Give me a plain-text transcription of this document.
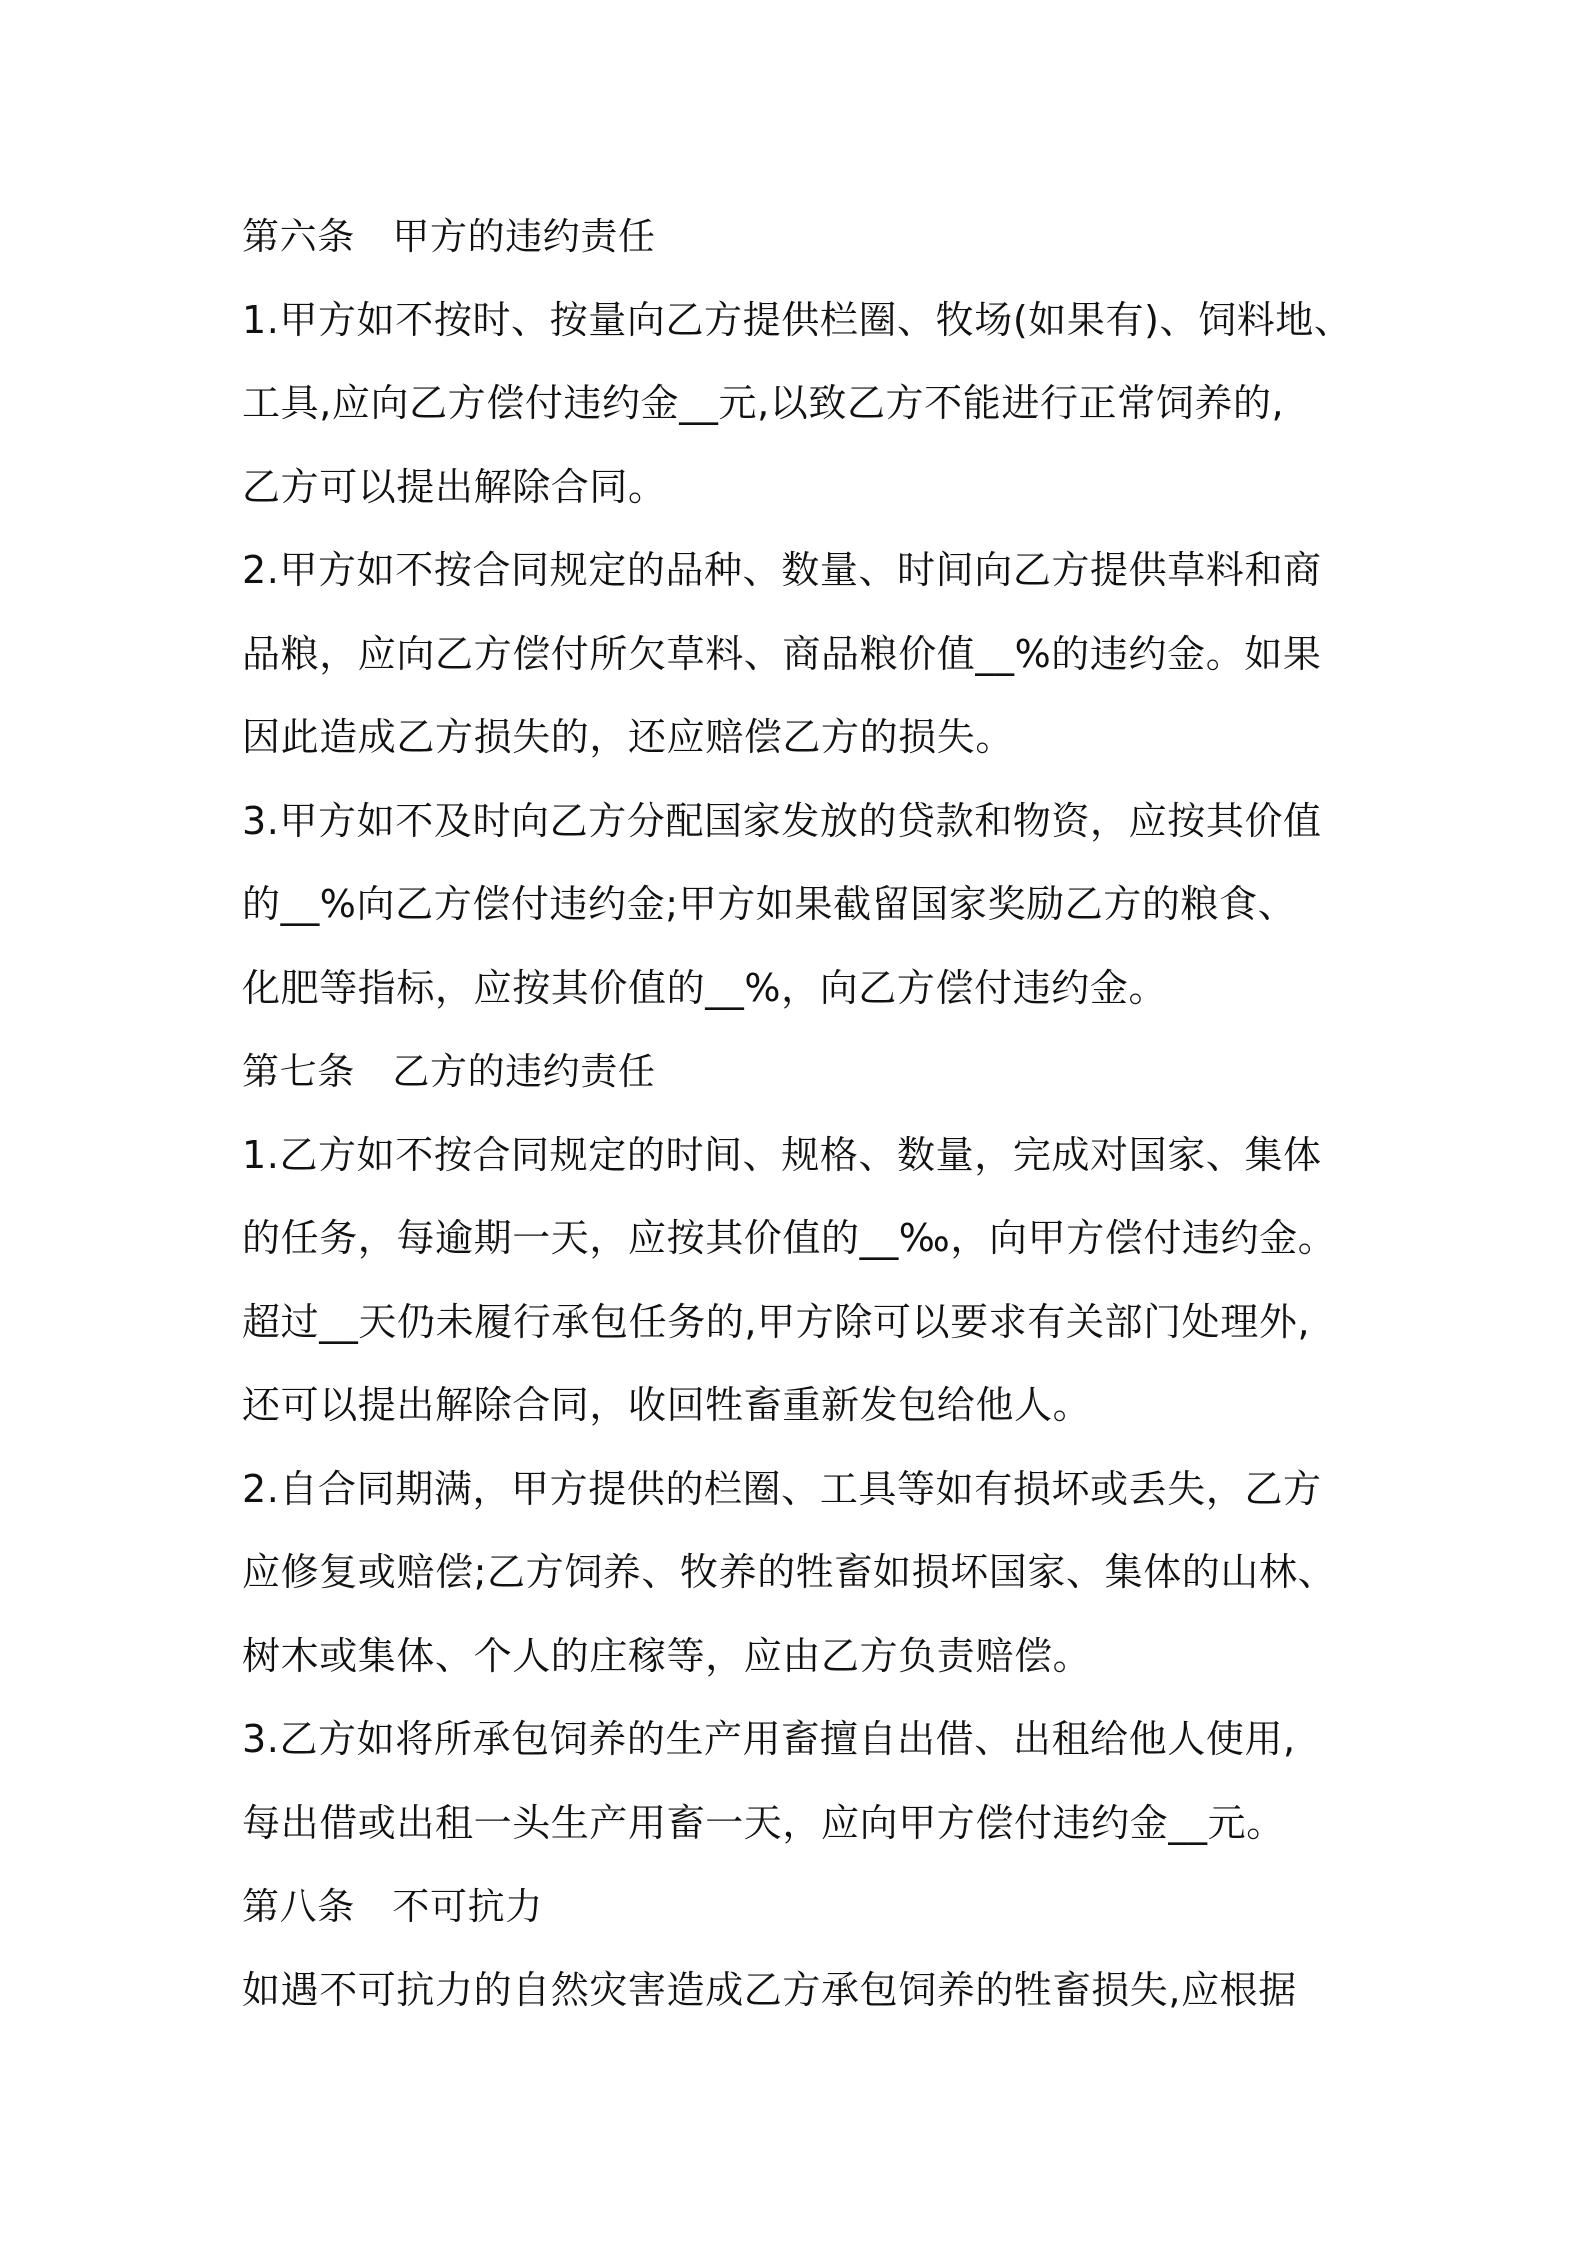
第六条　甲方的违约责任
1.甲方如不按时、按量向乙方提供栏圈、牧场(如果有)、饲料地、
工具,应向乙方偿付违约金__元,以致乙方不能进行正常饲养的,
乙方可以提出解除合同。
2.甲方如不按合同规定的品种、数量、时间向乙方提供草料和商
品粮，应向乙方偿付所欠草料、商品粮价值__%的违约金。如果
因此造成乙方损失的，还应赔偿乙方的损失。
3.甲方如不及时向乙方分配国家发放的贷款和物资，应按其价值
的__%向乙方偿付违约金;甲方如果截留国家奖励乙方的粮食、
化肥等指标，应按其价值的__%，向乙方偿付违约金。
第七条　乙方的违约责任
1.乙方如不按合同规定的时间、规格、数量，完成对国家、集体
的任务，每逾期一天，应按其价值的__‰，向甲方偿付违约金。
超过__天仍未履行承包任务的,甲方除可以要求有关部门处理外,
还可以提出解除合同，收回牲畜重新发包给他人。
2.自合同期满，甲方提供的栏圈、工具等如有损坏或丢失，乙方
应修复或赔偿;乙方饲养、牧养的牲畜如损坏国家、集体的山林、
树木或集体、个人的庄稼等，应由乙方负责赔偿。
3.乙方如将所承包饲养的生产用畜擅自出借、出租给他人使用,
每出借或出租一头生产用畜一天，应向甲方偿付违约金__元。
第八条　不可抗力
如遇不可抗力的自然灾害造成乙方承包饲养的牲畜损失,应根据
